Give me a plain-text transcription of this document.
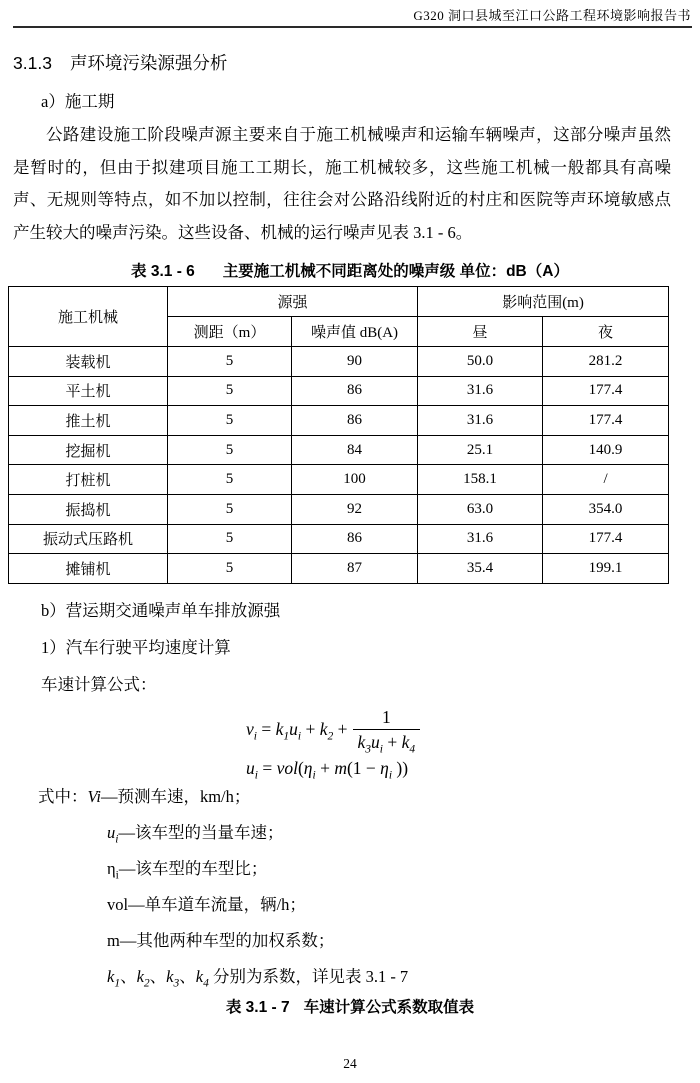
G320 洞口县城至江口公路工程环境影响报告书
3.1.3 声环境污染源强分析

a）施工期

公路建设施工阶段噪声源主要来自于施工机械噪声和运输车辆噪声，这部分噪声虽然是暂时的，但由于拟建项目施工工期长，施工机械较多，这些施工机械一般都具有高噪声、无规则等特点，如不加以控制，往往会对公路沿线附近的村庄和医院等声环境敏感点产生较大的噪声污染。这些设备、机械的运行噪声见表 3.1 - 6。

表 3.1 - 6 主要施工机械不同距离处的噪声级 单位：dB（A）
施工机械	源强		影响范围(m)	
	测距（m）	噪声值 dB(A)	昼	夜
装载机	5	90	50.0	281.2
平土机	5	86	31.6	177.4
推土机	5	86	31.6	177.4
挖掘机	5	84	25.1	140.9
打桩机	5	100	158.1	/
振捣机	5	92	63.0	354.0
振动式压路机	5	86	31.6	177.4
摊铺机	5	87	35.4	199.1

b）营运期交通噪声单车排放源强

1）汽车行驶平均速度计算

车速计算公式：

$v_i = k_1u_i + k_2 + \frac{1}{k_3u_i + k_4}$
$u_i = vol(\eta_i + m(1 - \eta_i$ ))
式中：Vi—预测车速，km/h；
$u_i—$该车型的当量车速；
$\eta_i—$该车型的车型比；
vol—单车道车流量，辆/h；
m—其他两种车型的加权系数；
$k_1$、$k_2$、$k_3$、$k_4$ 分别为系数，详见表 3.1 - 7
表 3.1 - 7 车速计算公式系数取值表
24
